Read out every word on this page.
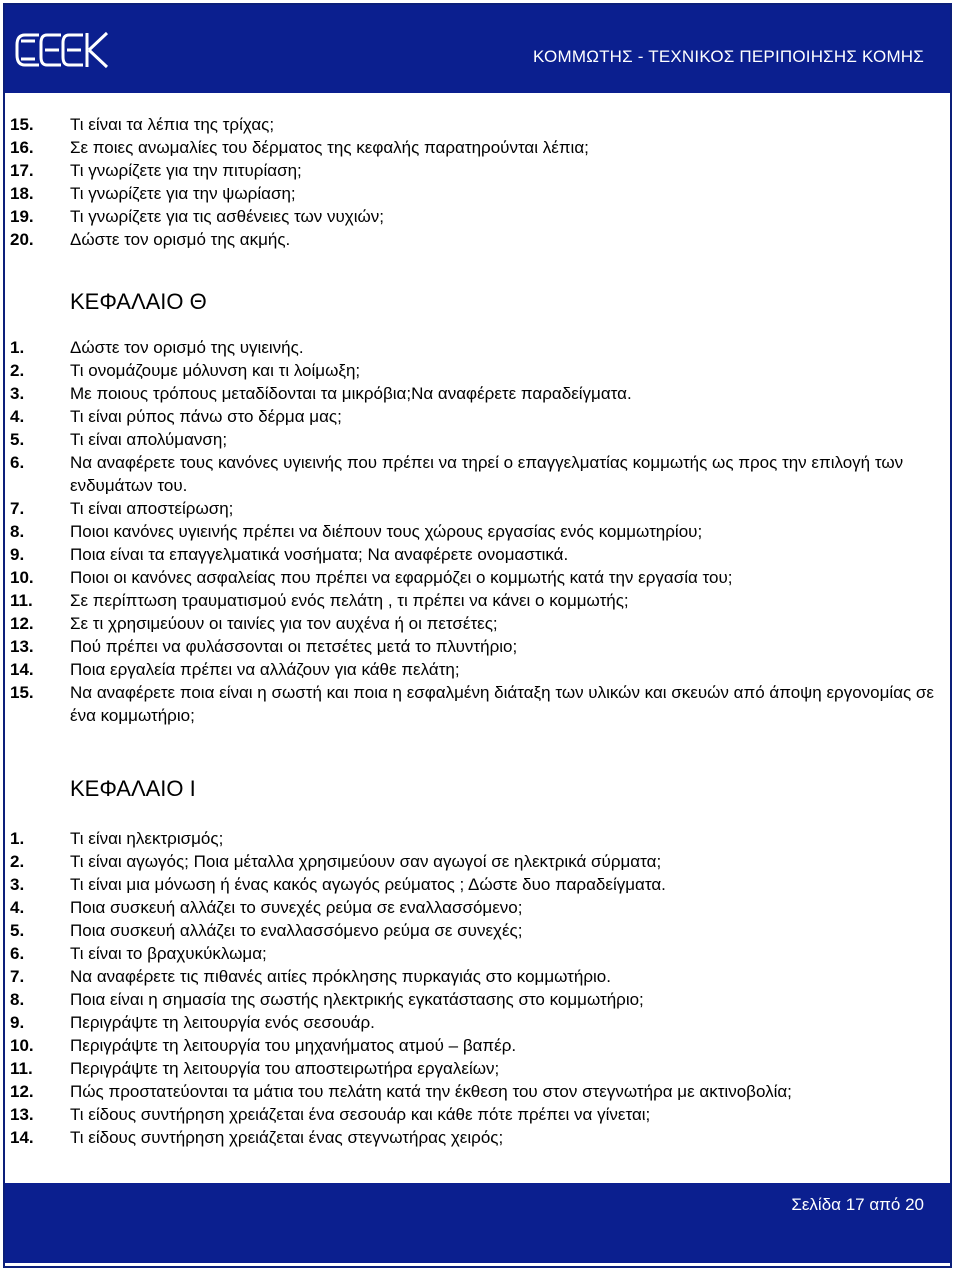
ΚΟΜΜΩΤΗΣ - ΤΕΧΝΙΚΟΣ ΠΕΡΙΠΟΙΗΣΗΣ ΚΟΜΗΣ
15.	Τι είναι τα λέπια της τρίχας;
16.	Σε ποιες ανωμαλίες του δέρματος της κεφαλής παρατηρούνται λέπια;
17.	Τι γνωρίζετε για την πιτυρίαση;
18.	Τι γνωρίζετε για την ψωρίαση;
19.	Τι γνωρίζετε για τις ασθένειες των νυχιών;
20.	Δώστε τον ορισμό της ακμής.
ΚΕΦΑΛΑΙΟ Θ
1.	Δώστε τον ορισμό της υγιεινής.
2.	Τι ονομάζουμε μόλυνση και τι λοίμωξη;
3.	Με ποιους τρόπους μεταδίδονται τα μικρόβια;Να αναφέρετε παραδείγματα.
4.	Τι είναι ρύπος πάνω στο δέρμα μας;
5.	Τι είναι απολύμανση;
6.	Να αναφέρετε τους κανόνες υγιεινής που πρέπει να τηρεί ο επαγγελματίας κομμωτής ως προς την επιλογή των ενδυμάτων του.
7.	Τι είναι αποστείρωση;
8.	Ποιοι κανόνες υγιεινής πρέπει να διέπουν τους χώρους εργασίας ενός κομμωτηρίου;
9.	Ποια είναι τα επαγγελματικά νοσήματα; Να αναφέρετε ονομαστικά.
10.	Ποιοι οι κανόνες ασφαλείας που πρέπει να εφαρμόζει ο κομμωτής κατά την εργασία του;
11.	Σε περίπτωση τραυματισμού ενός πελάτη , τι πρέπει να κάνει ο κομμωτής;
12.	Σε τι χρησιμεύουν οι ταινίες για τον αυχένα ή οι πετσέτες;
13.	Πού πρέπει να φυλάσσονται οι πετσέτες μετά το πλυντήριο;
14.	Ποια εργαλεία πρέπει να αλλάζουν για κάθε πελάτη;
15.	Να αναφέρετε ποια είναι η σωστή και ποια η εσφαλμένη διάταξη των υλικών και σκευών από άποψη εργονομίας σε ένα κομμωτήριο;
ΚΕΦΑΛΑΙΟ Ι
1.	Τι είναι ηλεκτρισμός;
2.	Τι είναι αγωγός; Ποια μέταλλα χρησιμεύουν σαν αγωγοί σε ηλεκτρικά σύρματα;
3.	Τι είναι μια μόνωση ή ένας κακός αγωγός ρεύματος ; Δώστε δυο παραδείγματα.
4.	Ποια συσκευή αλλάζει το συνεχές ρεύμα σε εναλλασσόμενο;
5.	Ποια συσκευή αλλάζει το εναλλασσόμενο ρεύμα σε συνεχές;
6.	Τι είναι το βραχυκύκλωμα;
7.	Να αναφέρετε τις πιθανές αιτίες πρόκλησης πυρκαγιάς στο κομμωτήριο.
8.	Ποια είναι η σημασία της σωστής ηλεκτρικής εγκατάστασης στο κομμωτήριο;
9.	Περιγράψτε τη λειτουργία ενός σεσουάρ.
10.	Περιγράψτε τη λειτουργία του μηχανήματος ατμού – βαπέρ.
11.	Περιγράψτε τη λειτουργία του αποστειρωτήρα εργαλείων;
12.	Πώς προστατεύονται τα μάτια του πελάτη κατά την έκθεση του στον στεγνωτήρα με ακτινοβολία;
13.	Τι είδους συντήρηση χρειάζεται ένα σεσουάρ και κάθε πότε πρέπει να γίνεται;
14.	Τι είδους συντήρηση χρειάζεται ένας στεγνωτήρας χειρός;
Σελίδα 17 από 20
